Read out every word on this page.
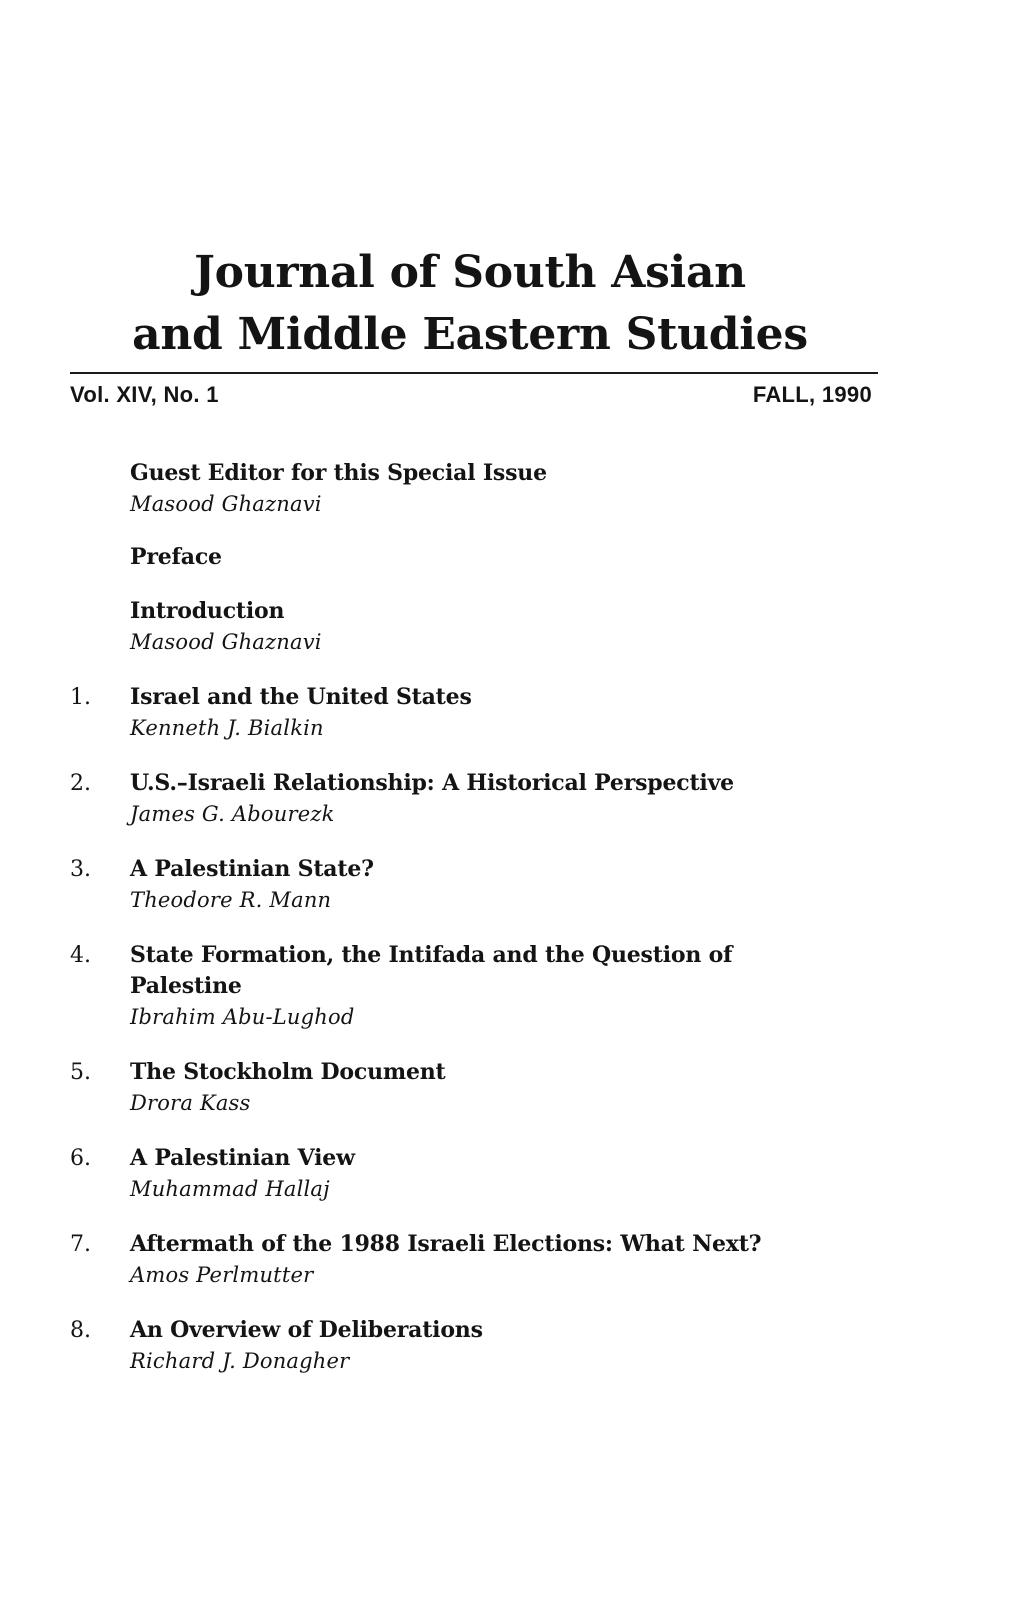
Journal of South Asian
and Middle Eastern Studies
Vol. XIV, No. 1	FALL, 1990
Guest Editor for this Special Issue
Masood Ghaznavi
Preface
Introduction
Masood Ghaznavi
1.	Israel and the United States
Kenneth J. Bialkin
2.	U.S.–Israeli Relationship: A Historical Perspective
James G. Abourezk
3.	A Palestinian State?
Theodore R. Mann
4.	State Formation, the Intifada and the Question of Palestine
Ibrahim Abu-Lughod
5.	The Stockholm Document
Drora Kass
6.	A Palestinian View
Muhammad Hallaj
7.	Aftermath of the 1988 Israeli Elections: What Next?
Amos Perlmutter
8.	An Overview of Deliberations
Richard J. Donagher
